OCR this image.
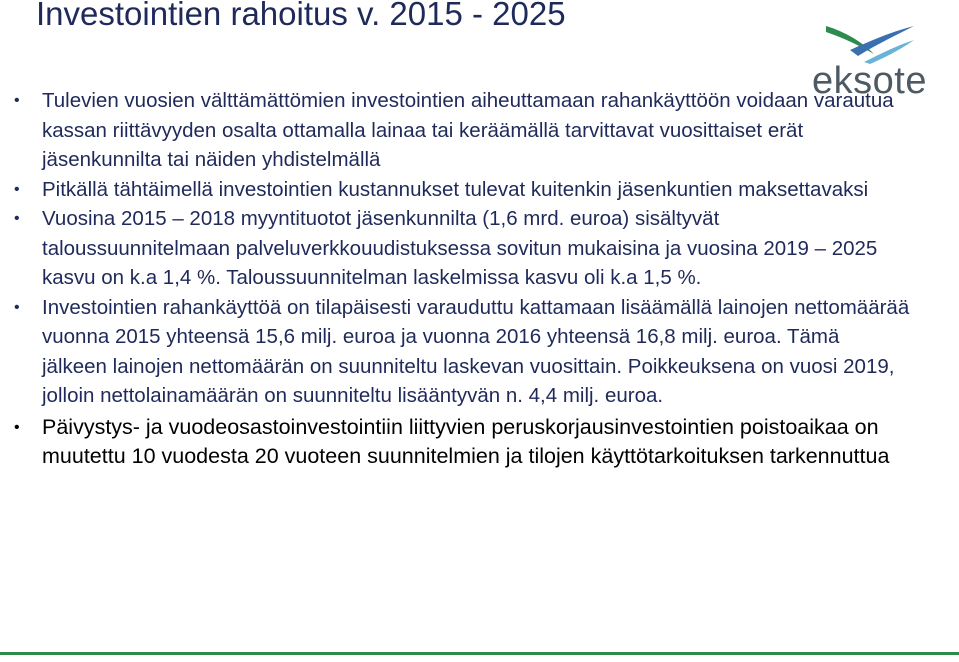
Investointien rahoitus v. 2015 - 2025
eksote
• Tulevien vuosien välttämättömien investointien aiheuttamaan rahankäyttöön voidaan varautua kassan riittävyyden osalta ottamalla lainaa tai keräämällä tarvittavat vuosittaiset erät jäsenkunnilta tai näiden yhdistelmällä
• Pitkällä tähtäimellä investointien kustannukset tulevat kuitenkin jäsenkuntien maksettavaksi
• Vuosina 2015 – 2018 myyntituotot jäsenkunnilta (1,6 mrd. euroa) sisältyvät taloussuunnitelmaan palveluverkkouudistuksessa sovitun mukaisina ja vuosina 2019 – 2025 kasvu on k.a 1,4 %. Taloussuunnitelman laskelmissa kasvu oli k.a 1,5 %.
• Investointien rahankäyttöä on tilapäisesti varauduttu kattamaan lisäämällä lainojen nettomäärää vuonna 2015 yhteensä 15,6 milj. euroa ja vuonna 2016 yhteensä 16,8 milj. euroa. Tämä jälkeen lainojen nettomäärän on suunniteltu laskevan vuosittain. Poikkeuksena on vuosi 2019, jolloin nettolainamäärän on suunniteltu lisääntyvän n. 4,4 milj. euroa.
• Päivystys- ja vuodeosastoinvestointiin liittyvien peruskorjausinvestointien poistoaikaa on muutettu 10 vuodesta 20 vuoteen suunnitelmien ja tilojen käyttötarkoituksen tarkennuttua
